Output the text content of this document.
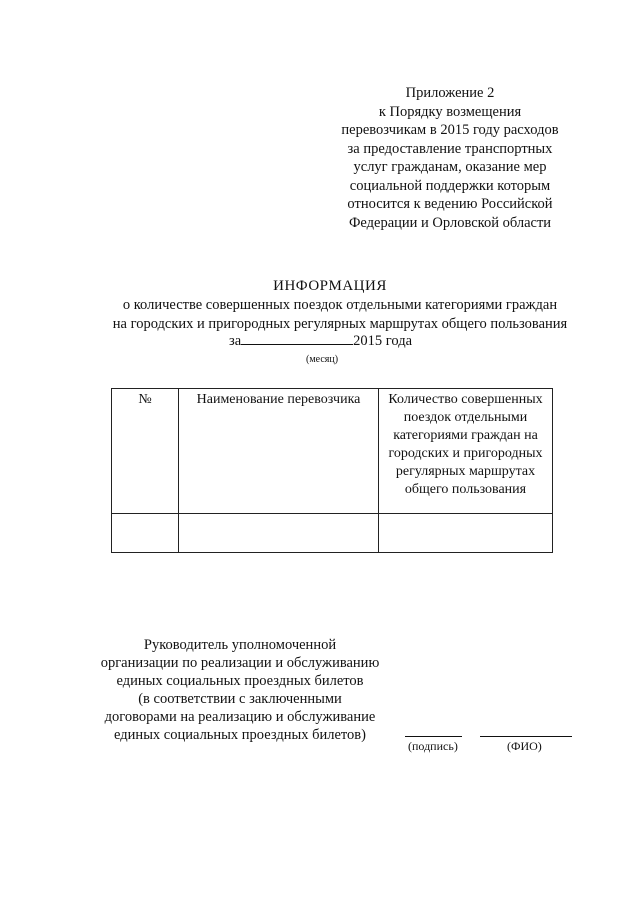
Приложение 2
к Порядку возмещения
перевозчикам в 2015 году расходов
за предоставление транспортных
услуг гражданам, оказание мер
социальной поддержки которым
относится к ведению Российской
Федерации и Орловской области
ИНФОРМАЦИЯ
о количестве совершенных поездок отдельными категориями граждан
на городских и пригородных регулярных маршрутах общего пользования
за	2015 года
(месяц)
№	Наименование перевозчика	Количество совершенных поездок отдельными категориями граждан на городских и пригородных регулярных маршрутах общего пользования

Руководитель уполномоченной
организации по реализации и обслуживанию
единых социальных проездных билетов
(в соответствии с заключенными
договорами на реализацию и обслуживание
единых социальных проездных билетов)
(подпись)	(ФИО)
